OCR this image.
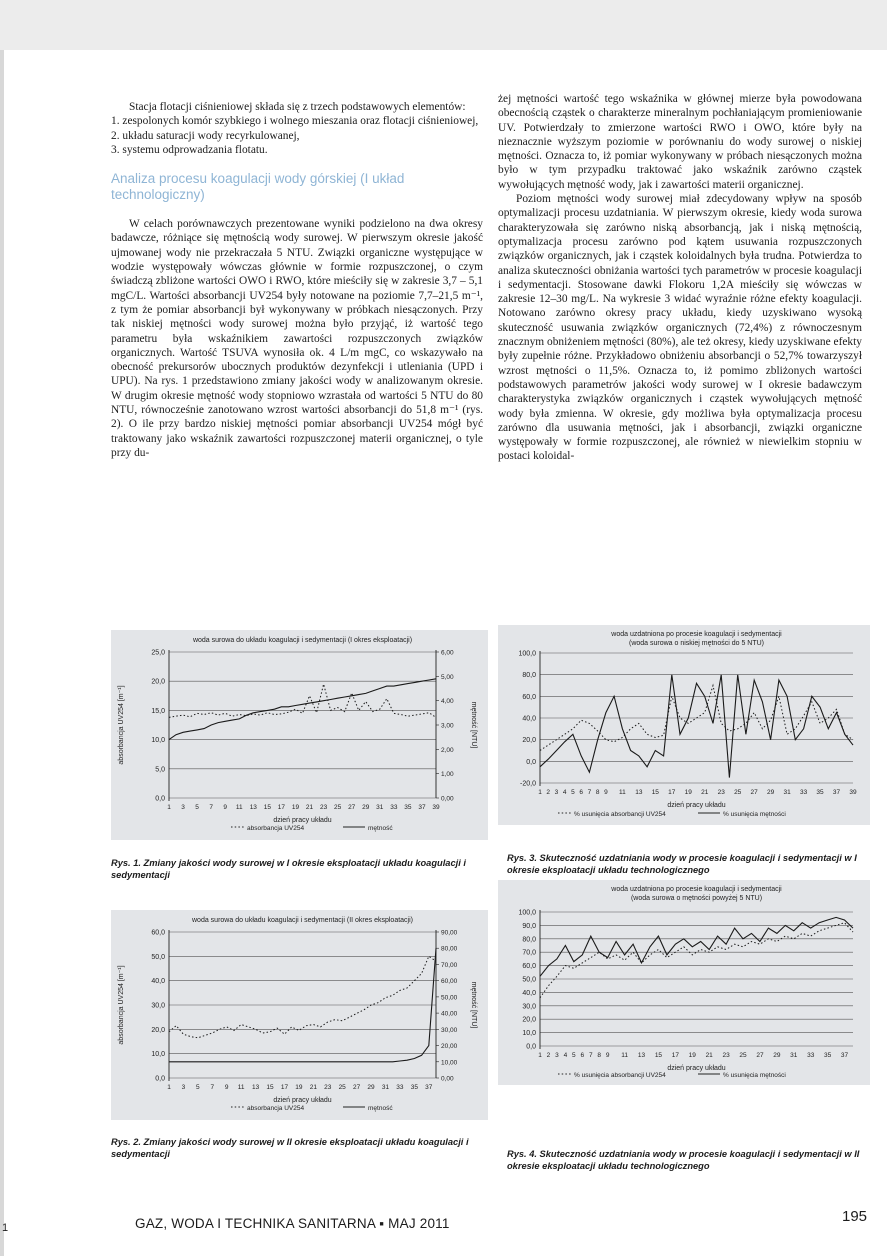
Stacja flotacji ciśnieniowej składa się z trzech podstawowych elementów:

1. zespolonych komór szybkiego i wolnego mieszania oraz flotacji ciśnieniowej,
2. układu saturacji wody recyrkulowanej,
3. systemu odprowadzania flotatu.
Analiza procesu koagulacji wody górskiej (I układ technologiczny)

W celach porównawczych prezentowane wyniki podzielono na dwa okresy badawcze, różniące się mętnością wody surowej. W pierwszym okresie jakość ujmowanej wody nie przekraczała 5 NTU. Związki organiczne występujące w wodzie występowały wówczas głównie w formie rozpuszczonej, o czym świadczą zbliżone wartości OWO i RWO, które mieściły się w zakresie 3,7 – 5,1 mgC/L. Wartości absorbancji UV254 były notowane na poziomie 7,7–21,5 m⁻¹, z tym że pomiar absorbancji był wykonywany w próbkach niesączonych. Przy tak niskiej mętności wody surowej można było przyjąć, iż wartość tego parametru była wskaźnikiem zawartości rozpuszczonych związków organicznych. Wartość TSUVA wynosiła ok. 4 L/m mgC, co wskazywało na obecność prekursorów ubocznych produktów dezynfekcji i utleniania (UPD i UPU). Na rys. 1 przedstawiono zmiany jakości wody w analizowanym okresie. W drugim okresie mętność wody stopniowo wzrastała od wartości 5 NTU do 80 NTU, równocześnie zanotowano wzrost wartości absorbancji do 51,8 m⁻¹ (rys. 2). O ile przy bardzo niskiej mętności pomiar absorbancji UV254 mógł być traktowany jako wskaźnik zawartości rozpuszczonej materii organicznej, o tyle przy du-

żej mętności wartość tego wskaźnika w głównej mierze była powodowana obecnością cząstek o charakterze mineralnym pochłaniającym promieniowanie UV. Potwierdzały to zmierzone wartości RWO i OWO, które były na nieznacznie wyższym poziomie w porównaniu do wody surowej o niskiej mętności. Oznacza to, iż pomiar wykonywany w próbach niesączonych można było w tym przypadku traktować jako wskaźnik zarówno cząstek wywołujących mętność wody, jak i zawartości materii organicznej.

Poziom mętności wody surowej miał zdecydowany wpływ na sposób optymalizacji procesu uzdatniania. W pierwszym okresie, kiedy woda surowa charakteryzowała się zarówno niską absorbancją, jak i niską mętnością, optymalizacja procesu zarówno pod kątem usuwania rozpuszczonych związków organicznych, jak i cząstek koloidalnych była trudna. Potwierdza to analiza skuteczności obniżania wartości tych parametrów w procesie koagulacji i sedymentacji. Stosowane dawki Flokoru 1,2A mieściły się wówczas w zakresie 12–30 mg/L. Na wykresie 3 widać wyraźnie różne efekty koagulacji. Notowano zarówno okresy pracy układu, kiedy uzyskiwano wysoką skuteczność usuwania związków organicznych (72,4%) z równoczesnym znacznym obniżeniem mętności (80%), ale też okresy, kiedy uzyskiwane efekty były zupełnie różne. Przykładowo obniżeniu absorbancji o 52,7% towarzyszył wzrost mętności o 11,5%. Oznacza to, iż pomimo zbliżonych wartości podstawowych parametrów jakości wody surowej w I okresie badawczym charakterystyka związków organicznych i cząstek wywołujących mętność wody była zmienna. W okresie, gdy możliwa była optymalizacja procesu zarówno dla usuwania mętności, jak i absorbancji, związki organiczne występowały w formie rozpuszczonej, ale również w niewielkim stopniu w postaci koloidal-

woda surowa do układu koagulacji i sedymentacji (I okres eksploatacji)
0,0
5,0
10,0
15,0
20,0
25,0
0,00
1,00
2,00
3,00
4,00
5,00
6,00
mętność [NTU]
absorbancja UV254 [m⁻¹]
1 3 5 7 9 11 13 15 17 19 21 23 25 27 29 31 33 35 37 39
dzień pracy układu
absorbancja UV254	mętność
woda surowa do układu koagulacji i sedymentacji (II okres eksploatacji)
0,0
10,0
20,0
30,0
40,0
50,0
60,0
0,00
10,00
20,00
30,00
40,00
50,00
60,00
70,00
80,00
90,00
mętność [NTU]
absorbancja UV254 [m⁻¹]
1 3 5 7 9 11 13 15 17 19 21 23 25 27 29 31 33 35 37
dzień pracy układu
absorbancja UV254	mętność
woda uzdatniona po procesie koagulacji i sedymentacji
(woda surowa o niskiej mętności do 5 NTU)
-20,0
0,0
20,0
40,0
60,0
80,0
100,0
1 2 3 4 5 6 7 8 9 11 13 15 17 19 21 23 25 27 29 31 33 35 37 39
dzień pracy układu
% usunięcia absorbancji UV254	% usunięcia mętności
woda uzdatniona po procesie koagulacji i sedymentacji
(woda surowa o mętności powyżej 5 NTU)
0,0
10,0
20,0
30,0
40,0
50,0
60,0
70,0
80,0
90,0
100,0
1 2 3 4 5 6 7 8 9 11 13 15 17 19 21 23 25 27 29 31 33 35 37
dzień pracy układu
% usunięcia absorbancji UV254	% usunięcia mętności
Rys. 1. Zmiany jakości wody surowej w I okresie eksploatacji układu koagulacji i sedymentacji
Rys. 2. Zmiany jakości wody surowej w II okresie eksploatacji układu koagulacji i sedymentacji
Rys. 3. Skuteczność uzdatniania wody w procesie koagulacji i sedymentacji w I okresie eksploatacji układu technologicznego
Rys. 4. Skuteczność uzdatniania wody w procesie koagulacji i sedymentacji w II okresie eksploatacji układu technologicznego
GAZ, WODA I TECHNIKA SANITARNA ▪ MAJ 2011	195
1
